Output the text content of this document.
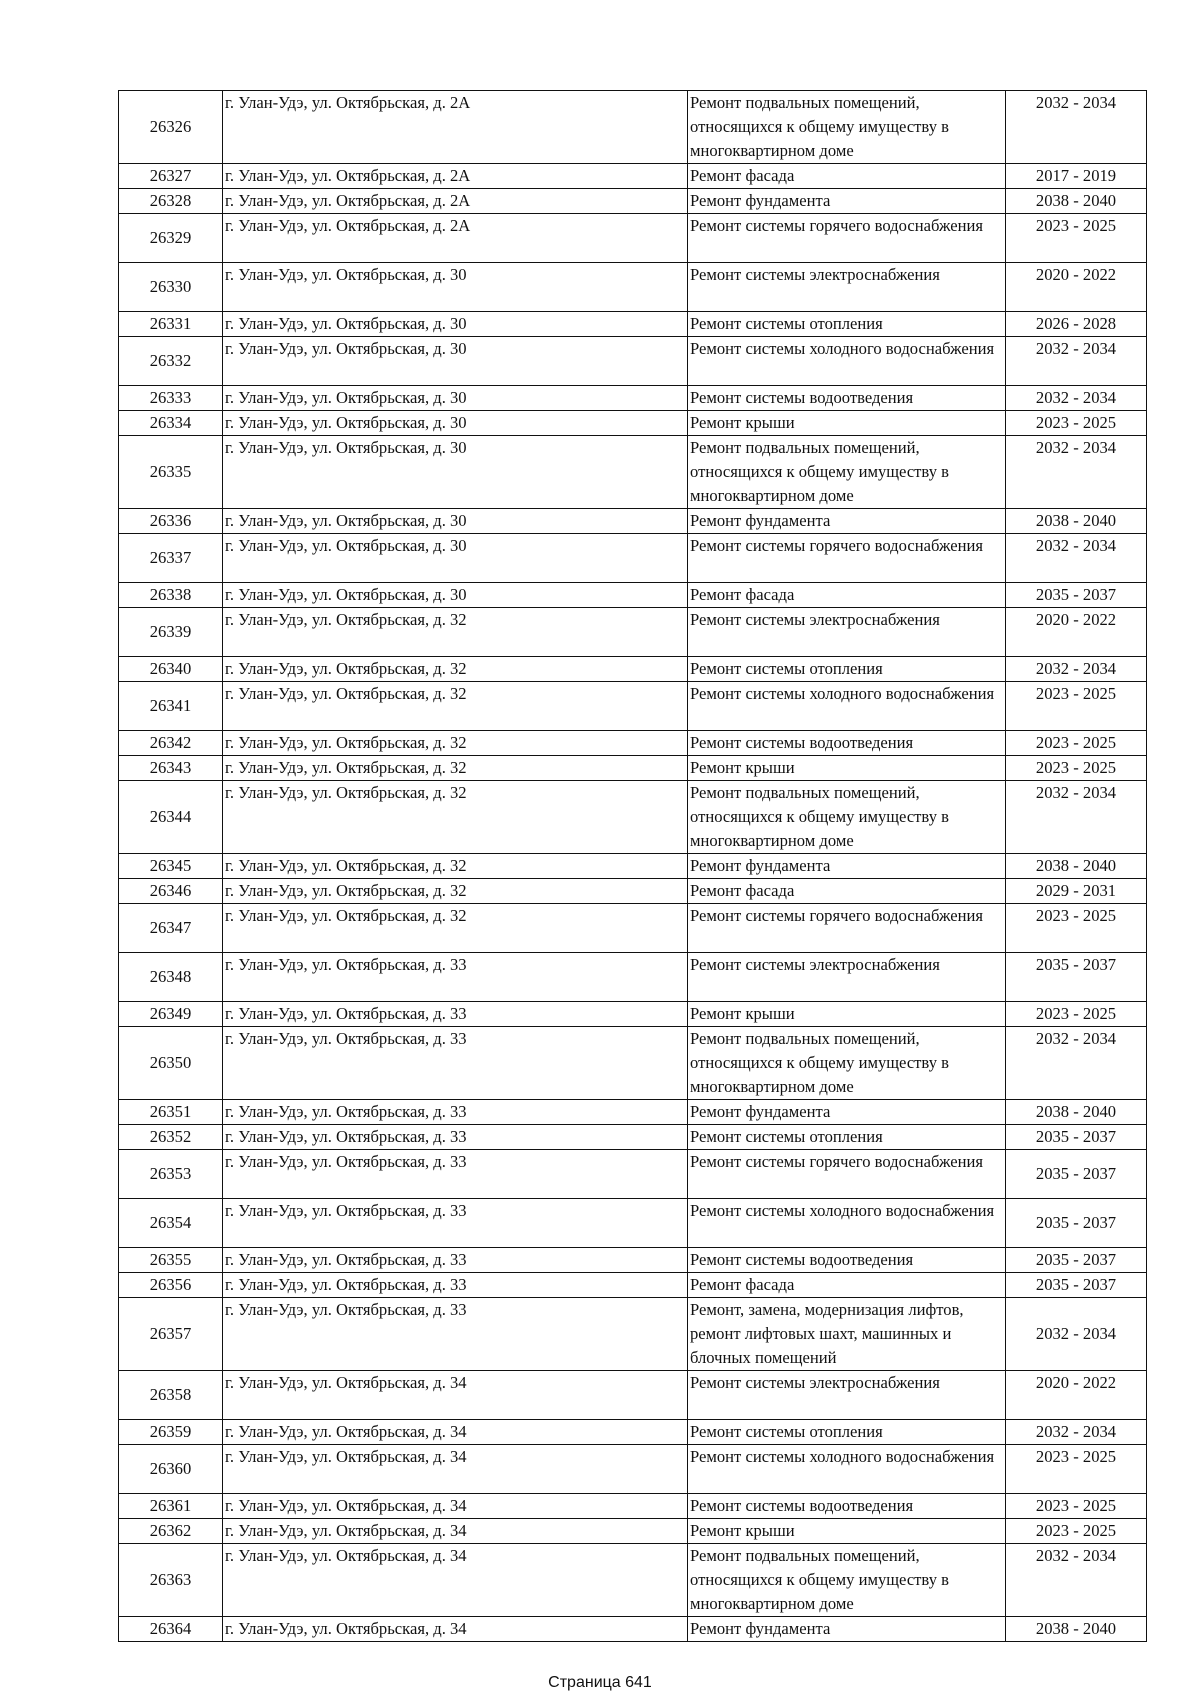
26326	г. Улан-Удэ, ул. Октябрьская, д. 2А	Ремонт подвальных помещений, относящихся к общему имуществу в многоквартирном доме	2032 - 2034
26327	г. Улан-Удэ, ул. Октябрьская, д. 2А	Ремонт фасада	2017 - 2019
26328	г. Улан-Удэ, ул. Октябрьская, д. 2А	Ремонт фундамента	2038 - 2040
26329	г. Улан-Удэ, ул. Октябрьская, д. 2А	Ремонт системы горячего водоснабжения	2023 - 2025
26330	г. Улан-Удэ, ул. Октябрьская, д. 30	Ремонт системы электроснабжения	2020 - 2022
26331	г. Улан-Удэ, ул. Октябрьская, д. 30	Ремонт системы отопления	2026 - 2028
26332	г. Улан-Удэ, ул. Октябрьская, д. 30	Ремонт системы холодного водоснабжения	2032 - 2034
26333	г. Улан-Удэ, ул. Октябрьская, д. 30	Ремонт системы водоотведения	2032 - 2034
26334	г. Улан-Удэ, ул. Октябрьская, д. 30	Ремонт крыши	2023 - 2025
26335	г. Улан-Удэ, ул. Октябрьская, д. 30	Ремонт подвальных помещений, относящихся к общему имуществу в многоквартирном доме	2032 - 2034
26336	г. Улан-Удэ, ул. Октябрьская, д. 30	Ремонт фундамента	2038 - 2040
26337	г. Улан-Удэ, ул. Октябрьская, д. 30	Ремонт системы горячего водоснабжения	2032 - 2034
26338	г. Улан-Удэ, ул. Октябрьская, д. 30	Ремонт фасада	2035 - 2037
26339	г. Улан-Удэ, ул. Октябрьская, д. 32	Ремонт системы электроснабжения	2020 - 2022
26340	г. Улан-Удэ, ул. Октябрьская, д. 32	Ремонт системы отопления	2032 - 2034
26341	г. Улан-Удэ, ул. Октябрьская, д. 32	Ремонт системы холодного водоснабжения	2023 - 2025
26342	г. Улан-Удэ, ул. Октябрьская, д. 32	Ремонт системы водоотведения	2023 - 2025
26343	г. Улан-Удэ, ул. Октябрьская, д. 32	Ремонт крыши	2023 - 2025
26344	г. Улан-Удэ, ул. Октябрьская, д. 32	Ремонт подвальных помещений, относящихся к общему имуществу в многоквартирном доме	2032 - 2034
26345	г. Улан-Удэ, ул. Октябрьская, д. 32	Ремонт фундамента	2038 - 2040
26346	г. Улан-Удэ, ул. Октябрьская, д. 32	Ремонт фасада	2029 - 2031
26347	г. Улан-Удэ, ул. Октябрьская, д. 32	Ремонт системы горячего водоснабжения	2023 - 2025
26348	г. Улан-Удэ, ул. Октябрьская, д. 33	Ремонт системы электроснабжения	2035 - 2037
26349	г. Улан-Удэ, ул. Октябрьская, д. 33	Ремонт крыши	2023 - 2025
26350	г. Улан-Удэ, ул. Октябрьская, д. 33	Ремонт подвальных помещений, относящихся к общему имуществу в многоквартирном доме	2032 - 2034
26351	г. Улан-Удэ, ул. Октябрьская, д. 33	Ремонт фундамента	2038 - 2040
26352	г. Улан-Удэ, ул. Октябрьская, д. 33	Ремонт системы отопления	2035 - 2037
26353	г. Улан-Удэ, ул. Октябрьская, д. 33	Ремонт системы горячего водоснабжения	2035 - 2037
26354	г. Улан-Удэ, ул. Октябрьская, д. 33	Ремонт системы холодного водоснабжения	2035 - 2037
26355	г. Улан-Удэ, ул. Октябрьская, д. 33	Ремонт системы водоотведения	2035 - 2037
26356	г. Улан-Удэ, ул. Октябрьская, д. 33	Ремонт фасада	2035 - 2037
26357	г. Улан-Удэ, ул. Октябрьская, д. 33	Ремонт, замена, модернизация лифтов, ремонт лифтовых шахт, машинных и блочных помещений	2032 - 2034
26358	г. Улан-Удэ, ул. Октябрьская, д. 34	Ремонт системы электроснабжения	2020 - 2022
26359	г. Улан-Удэ, ул. Октябрьская, д. 34	Ремонт системы отопления	2032 - 2034
26360	г. Улан-Удэ, ул. Октябрьская, д. 34	Ремонт системы холодного водоснабжения	2023 - 2025
26361	г. Улан-Удэ, ул. Октябрьская, д. 34	Ремонт системы водоотведения	2023 - 2025
26362	г. Улан-Удэ, ул. Октябрьская, д. 34	Ремонт крыши	2023 - 2025
26363	г. Улан-Удэ, ул. Октябрьская, д. 34	Ремонт подвальных помещений, относящихся к общему имуществу в многоквартирном доме	2032 - 2034
26364	г. Улан-Удэ, ул. Октябрьская, д. 34	Ремонт фундамента	2038 - 2040
Страница 641
